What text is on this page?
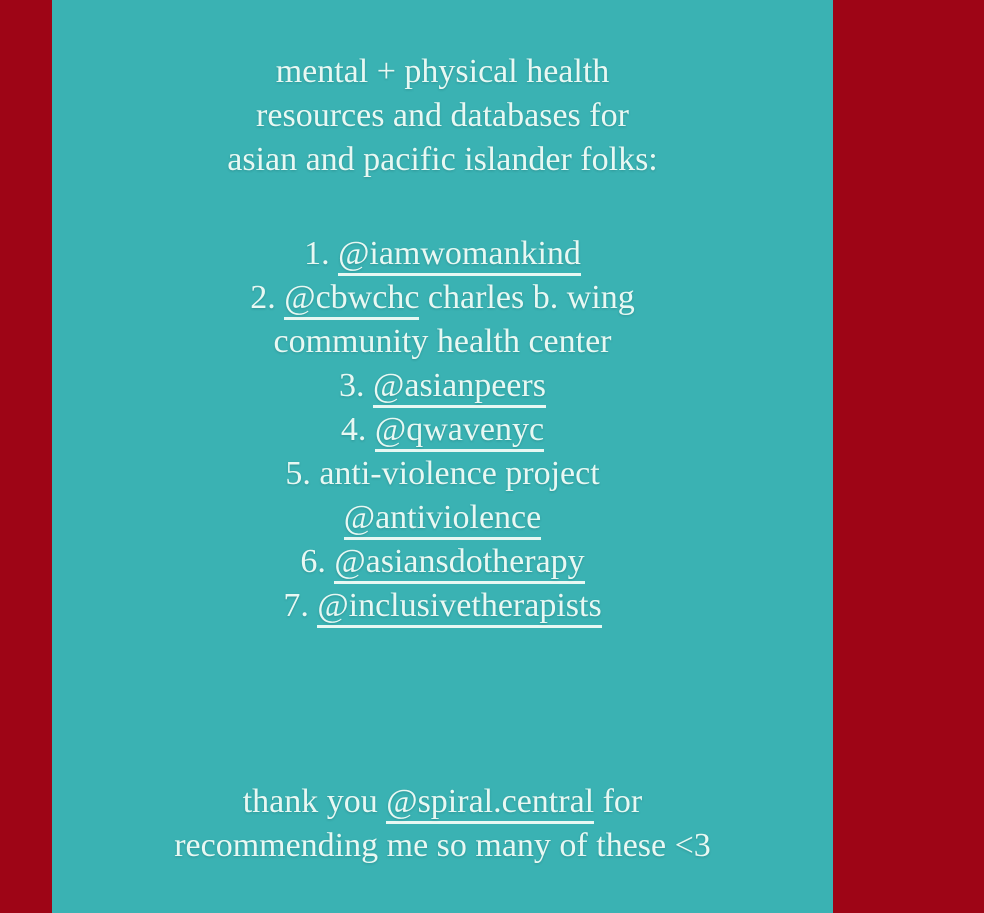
mental + physical health
resources and databases for
asian and pacific islander folks:
1. @iamwomankind
2. @cbwchc charles b. wing
community health center
3. @asianpeers
4. @qwavenyc
5. anti-violence project
@antiviolence
6. @asiansdotherapy
7. @inclusivetherapists
thank you @spiral.central for
recommending me so many of these <3
